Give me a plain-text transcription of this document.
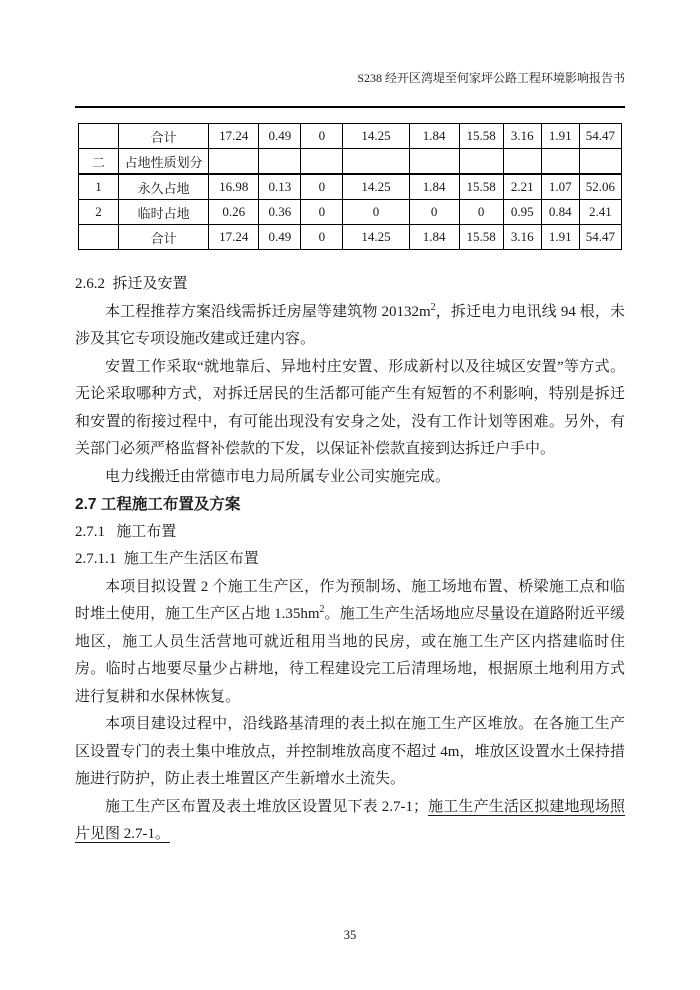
S238 经开区湾堤至何家坪公路工程环境影响报告书

	合计	17.24	0.49	0	14.25	1.84	15.58	3.16	1.91	54.47
二	占地性质划分									
1	永久占地	16.98	0.13	0	14.25	1.84	15.58	2.21	1.07	52.06
2	临时占地	0.26	0.36	0	0	0	0	0.95	0.84	2.41
	合计	17.24	0.49	0	14.25	1.84	15.58	3.16	1.91	54.47
2.6.2  拆迁及安置

本工程推荐方案沿线需拆迁房屋等建筑物 $20132m^2$，拆迁电力电讯线 94 根，未涉及其它专项设施改建或迁建内容。

安置工作采取“就地靠后、异地村庄安置、形成新村以及往城区安置”等方式。无论采取哪种方式，对拆迁居民的生活都可能产生有短暂的不利影响，特别是拆迁和安置的衔接过程中，有可能出现没有安身之处，没有工作计划等困难。另外，有关部门必须严格监督补偿款的下发，以保证补偿款直接到达拆迁户手中。

电力线搬迁由常德市电力局所属专业公司实施完成。

2.7 工程施工布置及方案
2.7.1   施工布置
2.7.1.1  施工生产生活区布置

本项目拟设置 2 个施工生产区，作为预制场、施工场地布置、桥梁施工点和临时堆土使用，施工生产区占地 $1.35hm^2$。施工生产生活场地应尽量设在道路附近平缓地区，施工人员生活营地可就近租用当地的民房，或在施工生产区内搭建临时住房。临时占地要尽量少占耕地，待工程建设完工后清理场地，根据原土地利用方式进行复耕和水保林恢复。

本项目建设过程中，沿线路基清理的表土拟在施工生产区堆放。在各施工生产区设置专门的表土集中堆放点，并控制堆放高度不超过 4m，堆放区设置水土保持措施进行防护，防止表土堆置区产生新增水土流失。

施工生产区布置及表土堆放区设置见下表 2.7-1；施工生产生活区拟建地现场照片见图 2.7-1。

35
